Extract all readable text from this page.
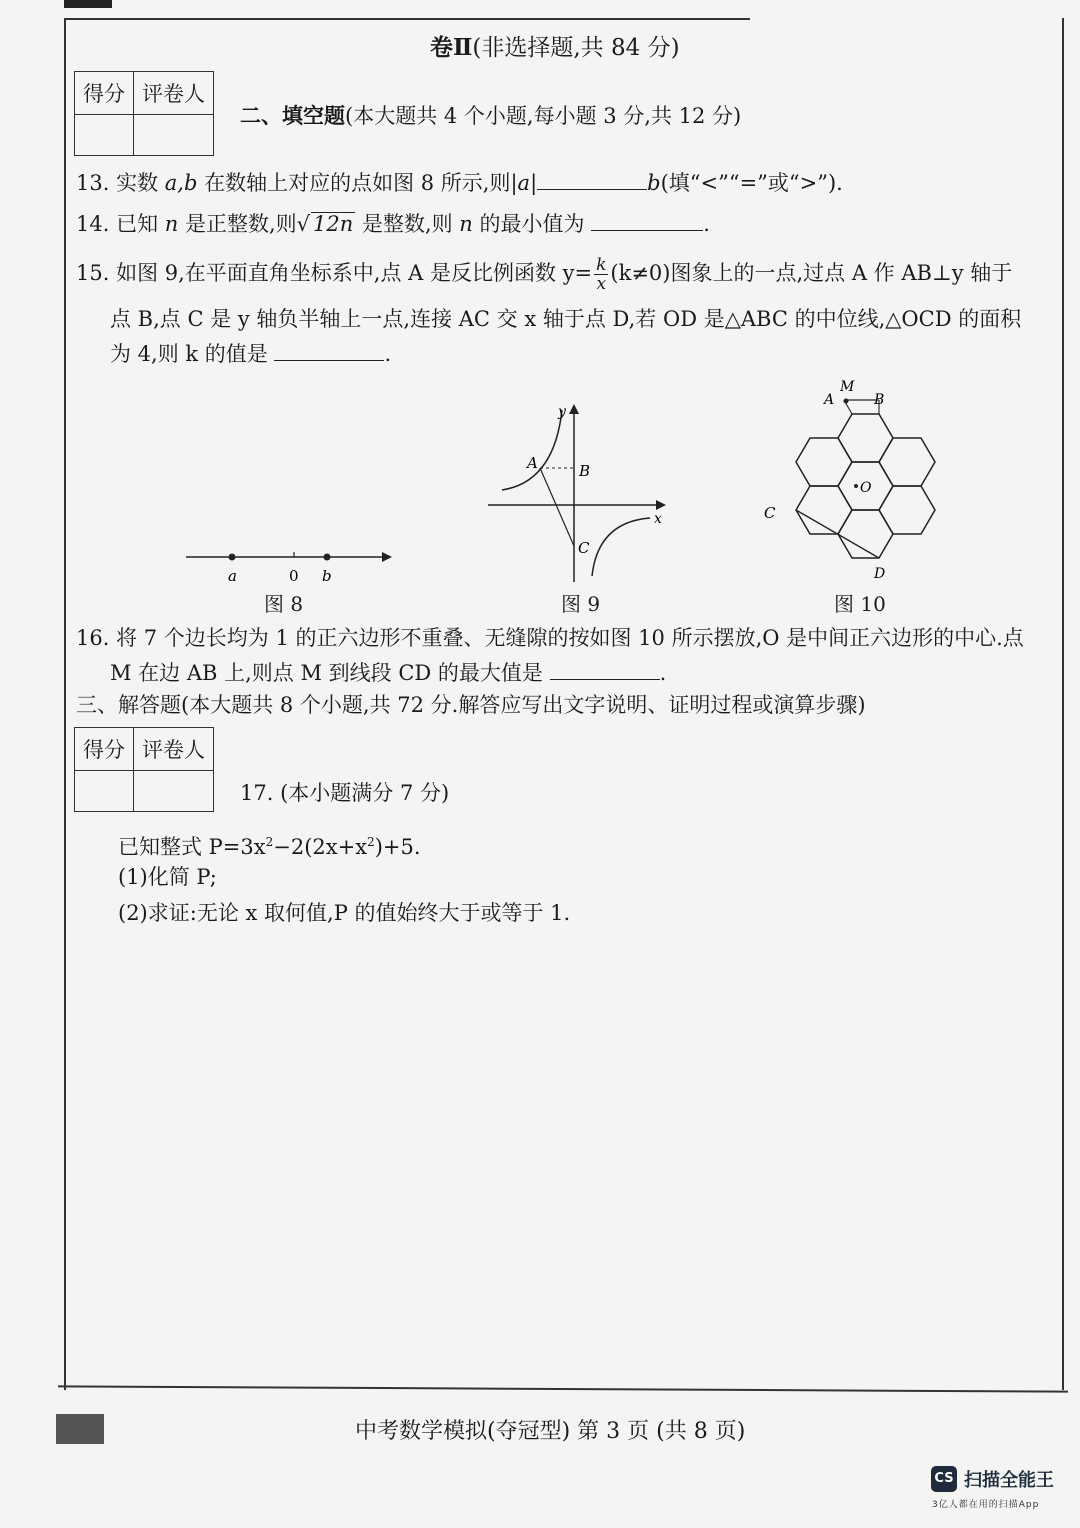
卷Ⅱ(非选择题,共 84 分)
得分	评卷人

二、填空题(本大题共 4 个小题,每小题 3 分,共 12 分)
13. 实数 a,b 在数轴上对应的点如图 8 所示,则|a|	b(填“<”“=”或“>”).
14. 已知 n 是正整数,则√ 12n 是整数,则 n 的最小值为	.
15. 如图 9,在平面直角坐标系中,点 A 是反比例函数 $y= \frac{k}{x} (k\ne 0)$图象上的一点,过点 A 作 AB⊥y 轴于
点 B,点 C 是 y 轴负半轴上一点,连接 AC 交 x 轴于点 D,若 OD 是△ABC 的中位线,△OCD 的面积
为 4,则 k 的值是	.
a	0 b
图 8
y
x
A	B
C
图 9
M
A	B
C
D
O
图 10
16. 将 7 个边长均为 1 的正六边形不重叠、无缝隙的按如图 10 所示摆放,O 是中间正六边形的中心.点
M 在边 AB 上,则点 M 到线段 CD 的最大值是	.
三、解答题(本大题共 8 个小题,共 72 分.解答应写出文字说明、证明过程或演算步骤)
得分	评卷人

17. (本小题满分 7 分)
已知整式 $P=3x^2-2(2x+x^2)+5$.
(1)化简 P;
(2)求证:无论 x 取何值,P 的值始终大于或等于 1.
中考数学模拟(夺冠型) 第 3 页 (共 8 页)
CS 扫描全能王
3亿人都在用的扫描App
